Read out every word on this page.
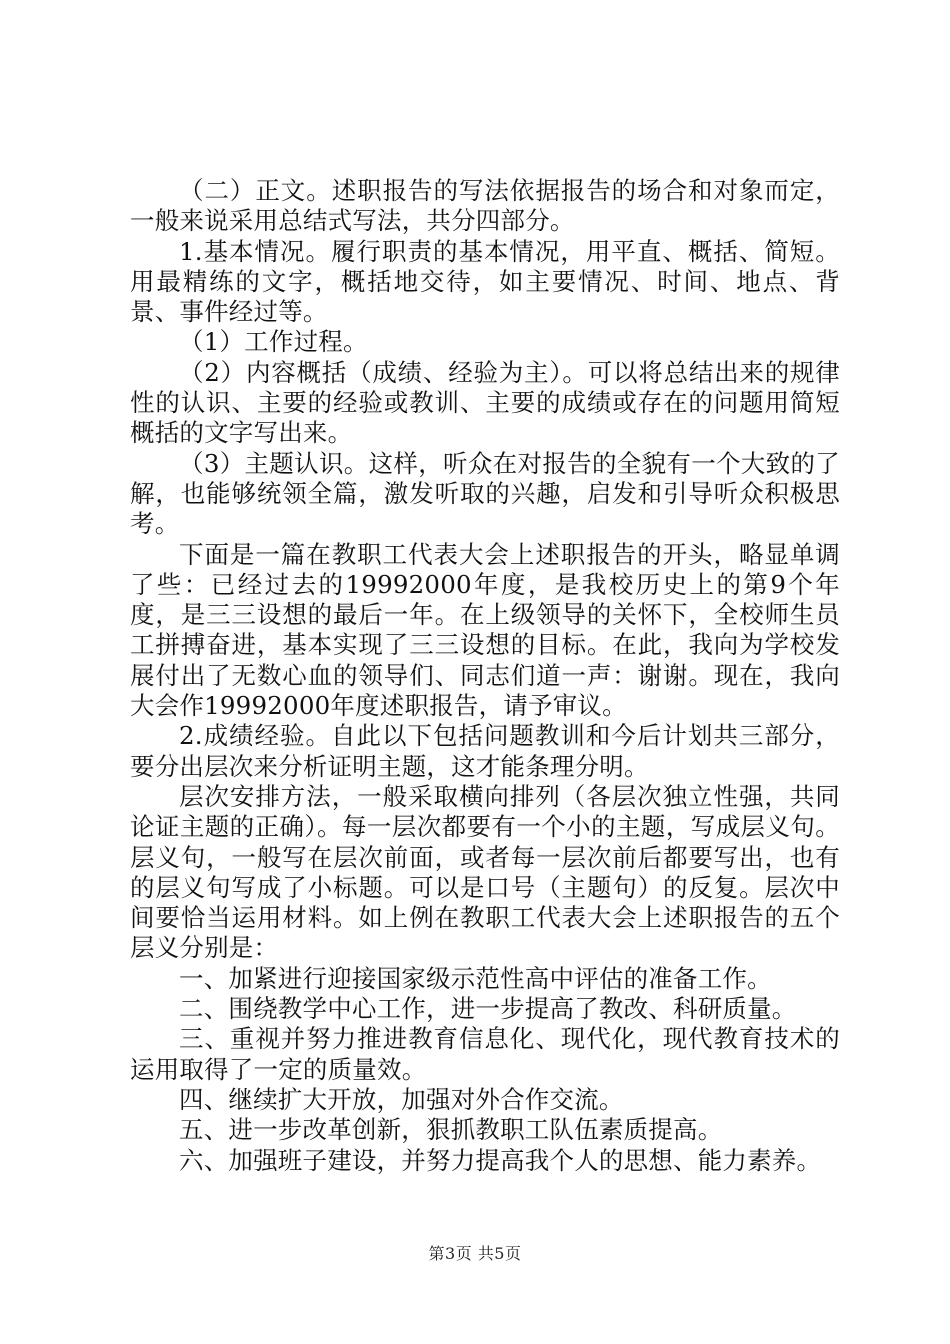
（二）正文。述职报告的写法依据报告的场合和对象而定，一般来说采用总结式写法，共分四部分。

1.基本情况。履行职责的基本情况，用平直、概括、简短。用最精练的文字，概括地交待，如主要情况、时间、地点、背景、事件经过等。

（1）工作过程。

（2）内容概括（成绩、经验为主）。可以将总结出来的规律性的认识、主要的经验或教训、主要的成绩或存在的问题用简短概括的文字写出来。

（3）主题认识。这样，听众在对报告的全貌有一个大致的了解，也能够统领全篇，激发听取的兴趣，启发和引导听众积极思考。

下面是一篇在教职工代表大会上述职报告的开头，略显单调了些：已经过去的19992000年度，是我校历史上的第9个年度，是三三设想的最后一年。在上级领导的关怀下，全校师生员工拼搏奋进，基本实现了三三设想的目标。在此，我向为学校发展付出了无数心血的领导们、同志们道一声：谢谢。现在，我向大会作19992000年度述职报告，请予审议。

2.成绩经验。自此以下包括问题教训和今后计划共三部分，要分出层次来分析证明主题，这才能条理分明。

层次安排方法，一般采取横向排列（各层次独立性强，共同论证主题的正确）。每一层次都要有一个小的主题，写成层义句。层义句，一般写在层次前面，或者每一层次前后都要写出，也有的层义句写成了小标题。可以是口号（主题句）的反复。层次中间要恰当运用材料。如上例在教职工代表大会上述职报告的五个层义分别是：

一、加紧进行迎接国家级示范性高中评估的准备工作。

二、围绕教学中心工作，进一步提高了教改、科研质量。

三、重视并努力推进教育信息化、现代化，现代教育技术的运用取得了一定的质量效。

四、继续扩大开放，加强对外合作交流。

五、进一步改革创新，狠抓教职工队伍素质提高。

六、加强班子建设，并努力提高我个人的思想、能力素养。

第3页 共5页
